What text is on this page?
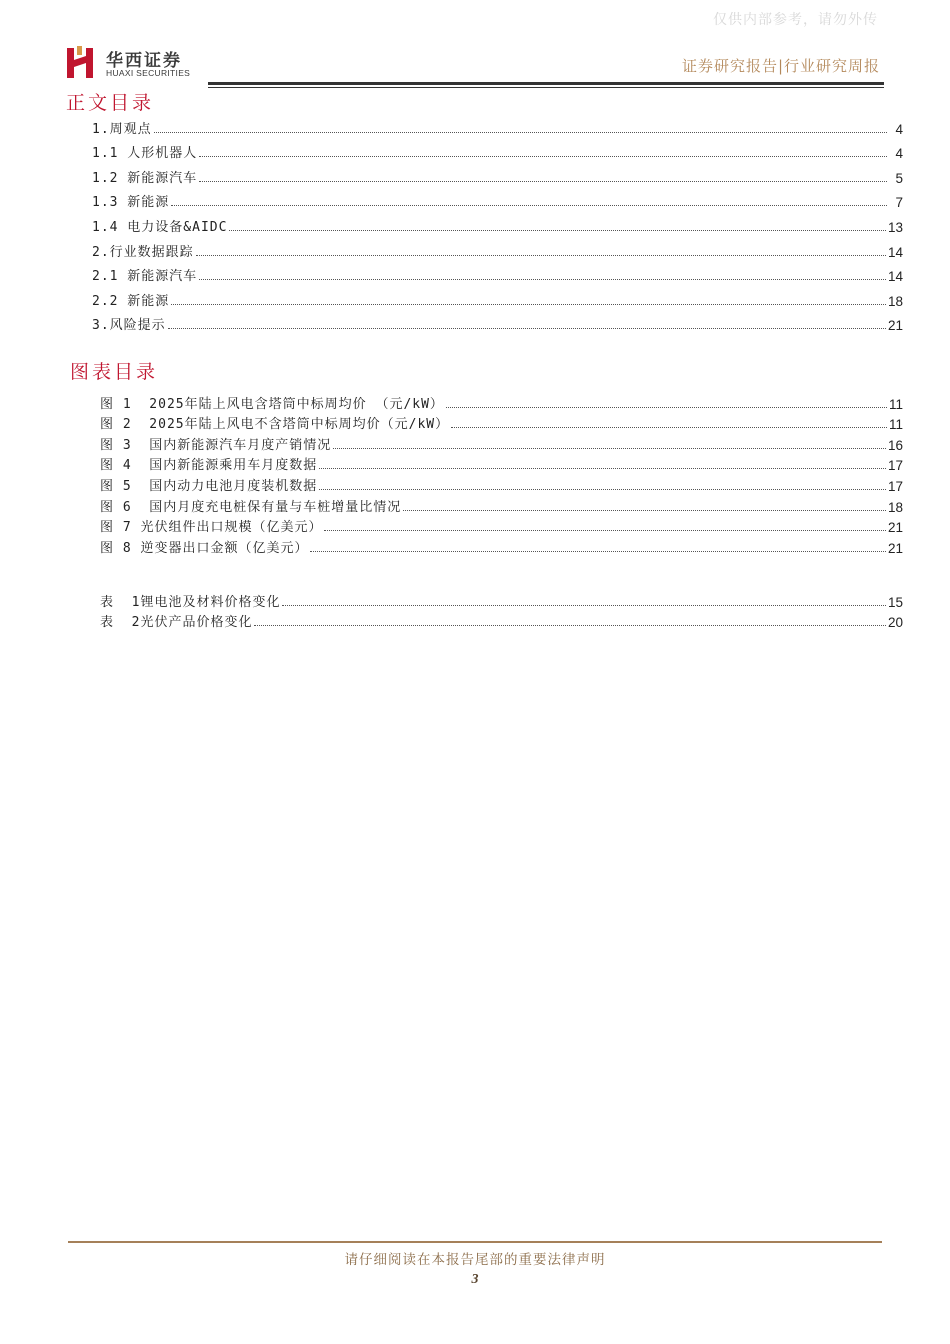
仅供内部参考，请勿外传
华西证券
HUAXI SECURITIES	证券研究报告|行业研究周报
正文目录
1.周观点	4
1.1 人形机器人	4
1.2 新能源汽车	5
1.3 新能源	7
1.4 电力设备&AIDC	13
2.行业数据跟踪	14
2.1 新能源汽车	14
2.2 新能源	18
3.风险提示	21
图表目录
图 1  2025年陆上风电含塔筒中标周均价 （元/kW）	11
图 2  2025年陆上风电不含塔筒中标周均价（元/kW）	11
图 3  国内新能源汽车月度产销情况	16
图 4  国内新能源乘用车月度数据	17
图 5  国内动力电池月度装机数据	17
图 6  国内月度充电桩保有量与车桩增量比情况	18
图 7 光伏组件出口规模（亿美元）	21
图 8 逆变器出口金额（亿美元）	21
表  1锂电池及材料价格变化	15
表  2光伏产品价格变化	20
请仔细阅读在本报告尾部的重要法律声明
3
